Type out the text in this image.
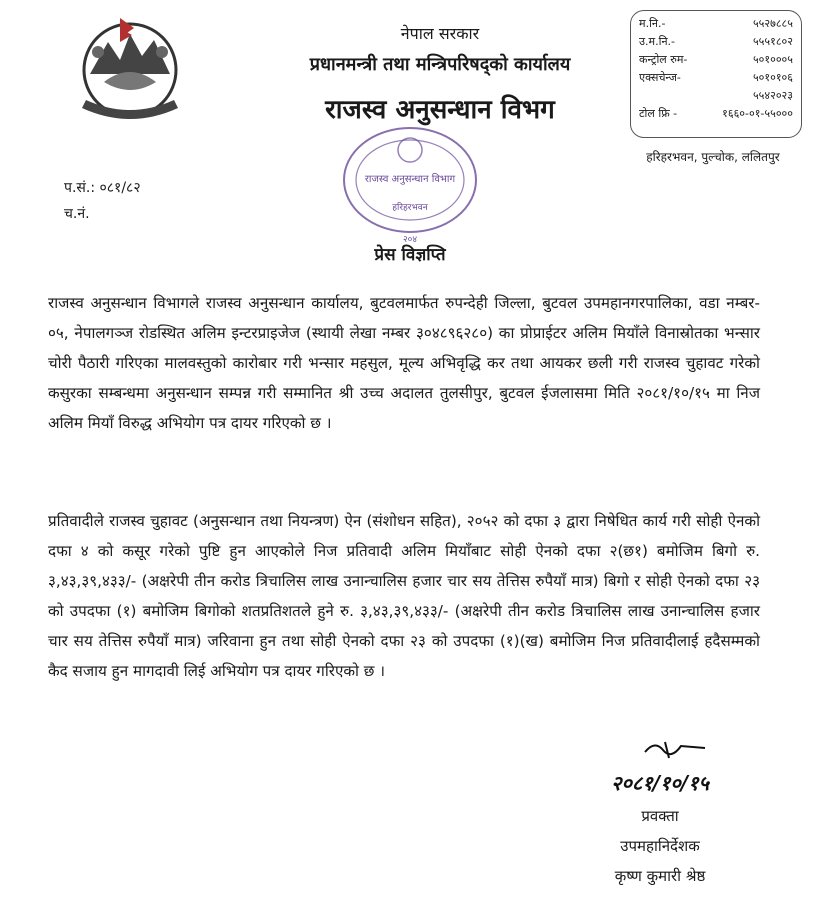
नेपाल सरकार
प्रधानमन्त्री तथा मन्त्रिपरिषद्को कार्यालय
राजस्व अनुसन्धान विभग
म.नि.-	५५२७८८५
उ.म.नि.-	५५५१८०२
कन्ट्रोल रुम-	५०१०००५
एक्सचेन्ज-	५०१०१०६
५५४२०२३
टोल फ्रि -	१६६०-०१-५५०००
हरिहरभवन, पुल्चोक, ललितपुर
राजस्व अनुसन्धान विभाग
हरिहरभवन
२०४
प.सं.: ०८१/८२
च.नं.
प्रेस विज्ञप्ति

राजस्व अनुसन्धान विभागले राजस्व अनुसन्धान कार्यालय, बुटवलमार्फत रुपन्देही जिल्ला, बुटवल उपमहानगरपालिका, वडा नम्बर- ०५, नेपालगञ्ज रोडस्थित अलिम इन्टरप्राइजेज (स्थायी लेखा नम्बर ३०४८९६२८०) का प्रोप्राईटर अलिम मियाँले विनास्रोतका भन्सार चोरी पैठारी गरिएका मालवस्तुको कारोबार गरी भन्सार महसुल, मूल्य अभिवृद्धि कर तथा आयकर छली गरी राजस्व चुहावट गरेको कसुरका सम्बन्धमा अनुसन्धान सम्पन्न गरी सम्मानित श्री उच्च अदालत तुलसीपुर, बुटवल ईजलासमा मिति २०८१/१०/१५ मा निज अलिम मियाँ विरुद्ध अभियोग पत्र दायर गरिएको छ ।

प्रतिवादीले राजस्व चुहावट (अनुसन्धान तथा नियन्त्रण) ऐन (संशोधन सहित), २०५२ को दफा ३ द्वारा निषेधित कार्य गरी सोही ऐनको दफा ४ को कसूर गरेको पुष्टि हुन आएकोले निज प्रतिवादी अलिम मियाँबाट सोही ऐनको दफा २(छ१) बमोजिम बिगो रु. ३,४३,३९,४३३/- (अक्षरेपी तीन करोड त्रिचालिस लाख उनान्चालिस हजार चार सय तेत्तिस रुपैयाँ मात्र) बिगो र सोही ऐनको दफा २३ को उपदफा (१) बमोजिम बिगोको शतप्रतिशतले हुने रु. ३,४३,३९,४३३/- (अक्षरेपी तीन करोड त्रिचालिस लाख उनान्चालिस हजार चार सय तेत्तिस रुपैयाँ मात्र) जरिवाना हुन तथा सोही ऐनको दफा २३ को उपदफा (१)(ख) बमोजिम निज प्रतिवादीलाई हदैसम्मको कैद सजाय हुन मागदावी लिई अभियोग पत्र दायर गरिएको छ ।

२०८१/१०/१५
प्रवक्ता
उपमहानिर्देशक
कृष्ण कुमारी श्रेष्ठ
